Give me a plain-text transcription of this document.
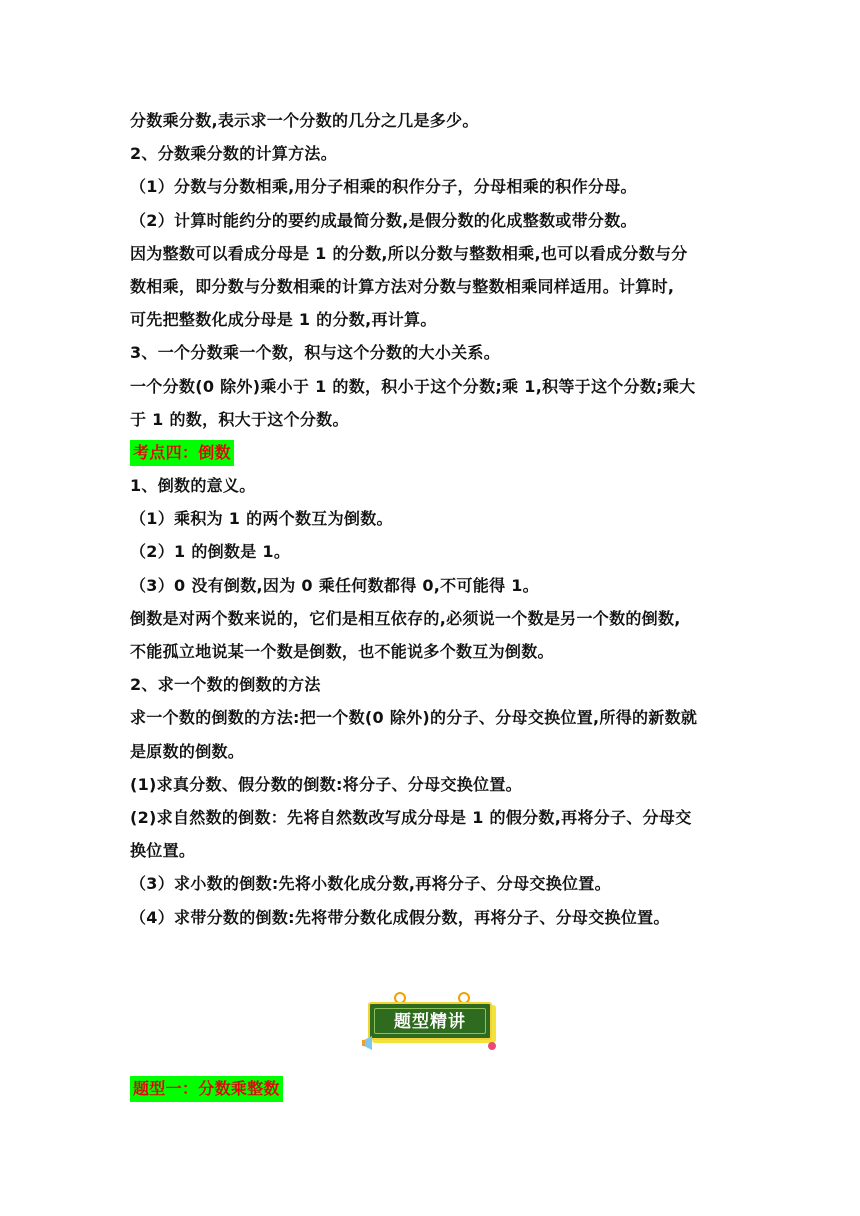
分数乘分数,表示求一个分数的几分之几是多少。
2、分数乘分数的计算方法。
（1）分数与分数相乘,用分子相乘的积作分子，分母相乘的积作分母。
（2）计算时能约分的要约成最简分数,是假分数的化成整数或带分数。
因为整数可以看成分母是 1 的分数,所以分数与整数相乘,也可以看成分数与分
数相乘，即分数与分数相乘的计算方法对分数与整数相乘同样适用。计算时,
可先把整数化成分母是 1 的分数,再计算。
3、一个分数乘一个数，积与这个分数的大小关系。
一个分数(0 除外)乘小于 1 的数，积小于这个分数;乘 1,积等于这个分数;乘大
于 1 的数，积大于这个分数。
考点四：倒数
1、倒数的意义。
（1）乘积为 1 的两个数互为倒数。
（2）1 的倒数是 1。
（3）0 没有倒数,因为 0 乘任何数都得 0,不可能得 1。
倒数是对两个数来说的，它们是相互依存的,必须说一个数是另一个数的倒数,
不能孤立地说某一个数是倒数，也不能说多个数互为倒数。
2、求一个数的倒数的方法
求一个数的倒数的方法:把一个数(0 除外)的分子、分母交换位置,所得的新数就
是原数的倒数。
(1)求真分数、假分数的倒数:将分子、分母交换位置。
(2)求自然数的倒数：先将自然数改写成分母是 1 的假分数,再将分子、分母交
换位置。
（3）求小数的倒数:先将小数化成分数,再将分子、分母交换位置。
（4）求带分数的倒数:先将带分数化成假分数，再将分子、分母交换位置。
题型精讲
题型一：分数乘整数
